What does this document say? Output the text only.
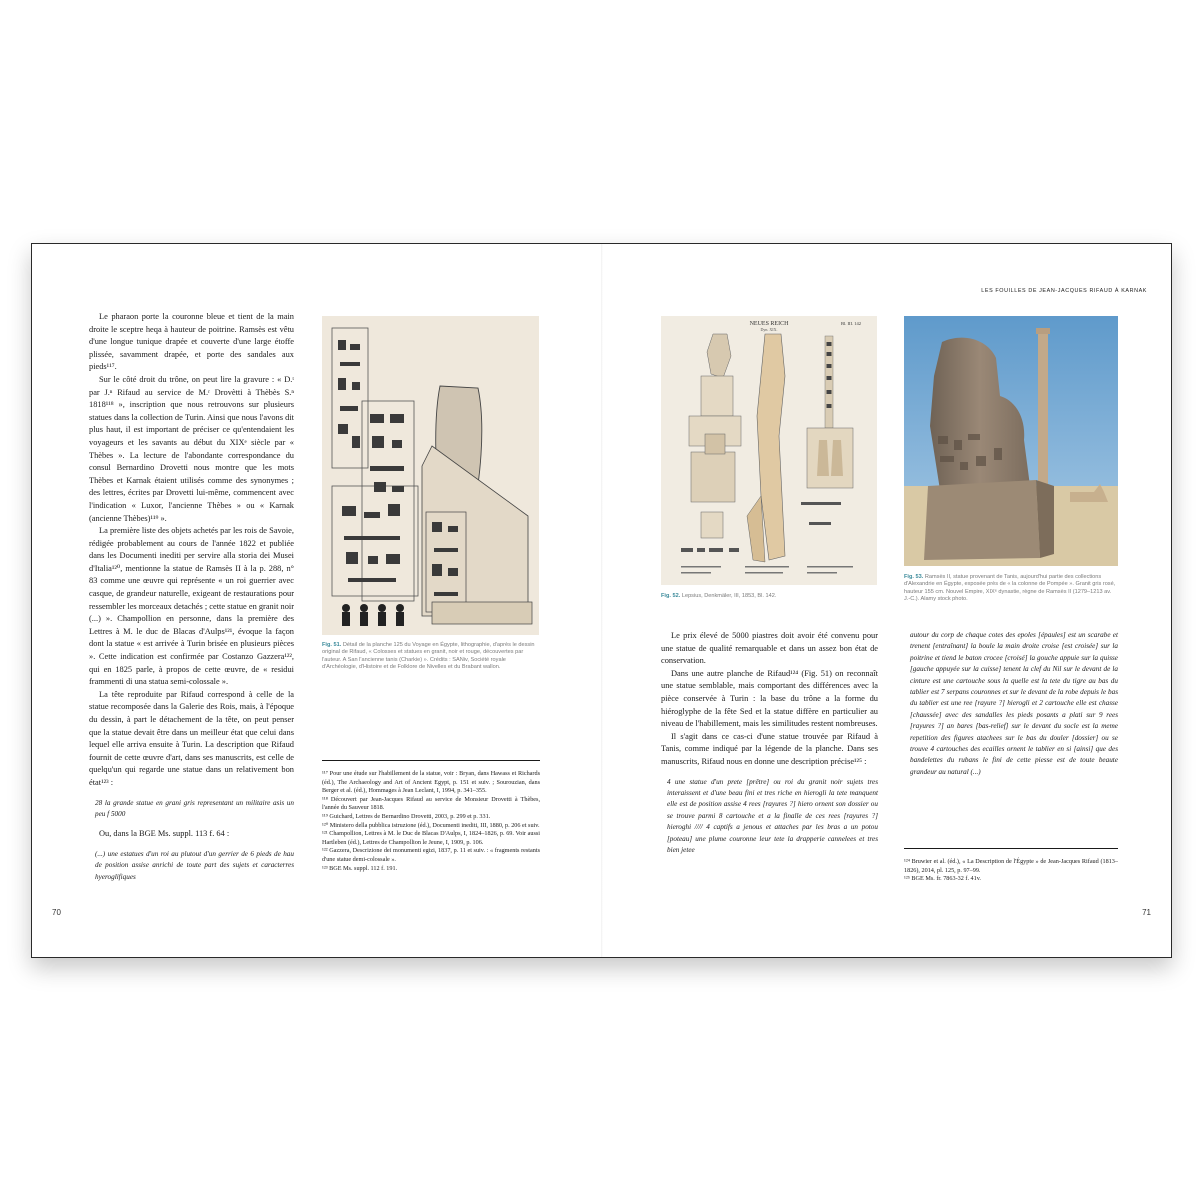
LES FOUILLES DE JEAN-JACQUES RIFAUD À KARNAK

Le pharaon porte la couronne bleue et tient de la main droite le sceptre heqa à hauteur de poitrine. Ramsès est vêtu d'une longue tunique drapée et couverte d'une large étoffe plissée, savamment drapée, et porte des sandales aux pieds¹¹⁷.

Sur le côté droit du trône, on peut lire la gravure : « D.ᵗ par J.ⁿ Rifaud au service de M.ʳ Drovètti à Thèbès S.ⁿ 1818¹¹⁸ », inscription que nous retrouvons sur plusieurs statues dans la collection de Turin. Ainsi que nous l'avons dit plus haut, il est important de préciser ce qu'entendaient les voyageurs et les savants au début du XIXᵉ siècle par « Thèbes ». La lecture de l'abondante correspondance du consul Bernardino Drovetti nous montre que les mots Thèbes et Karnak étaient utilisés comme des synonymes ; des lettres, écrites par Drovetti lui-même, commencent avec l'indication « Luxor, l'ancienne Thèbes » ou « Karnak (ancienne Thèbes)¹¹⁹ ».

La première liste des objets achetés par les rois de Savoie, rédigée probablement au cours de l'année 1822 et publiée dans les Documenti inediti per servire alla storia dei Musei d'Italia¹²⁰, mentionne la statue de Ramsès II à la p. 288, n° 83 comme une œuvre qui représente « un roi guerrier avec casque, de grandeur naturelle, exigeant de restaurations pour ressembler les morceaux detachés ; cette statue en granit noir (...) ». Champollion en personne, dans la première des Lettres à M. le duc de Blacas d'Aulps¹²¹, évoque la façon dont la statue « est arrivée à Turin brisée en plusieurs pièces ». Cette indication est confirmée par Costanzo Gazzera¹²², qui en 1825 parle, à propos de cette œuvre, de « residui frammenti di una statua semi-colossale ».

La tête reproduite par Rifaud correspond à celle de la statue recomposée dans la Galerie des Rois, mais, à l'époque du dessin, à part le détachement de la tête, on peut penser que la statue devait être dans un meilleur état que celui dans lequel elle arriva ensuite à Turin. La description que Rifaud fournit de cette œuvre d'art, dans ses manuscrits, est celle de quelqu'un qui regarde une statue dans un relativement bon état¹²³ :

28 la grande statue en grani gris representant un militaire asis un peu f 5000

Ou, dans la BGE Ms. suppl. 113 f. 64 :

(...) une estatues d'un roi au plutout d'un gerrier de 6 pieds de hau de position assise anrichi de toute part des sujets et caracterres hyeroglifiques

Fig. 51. Détail de la planche 125 du Voyage en Égypte, lithographie, d'après le dessin original de Rifaud, « Colosses et statues en granit, noir et rouge, découvertes par l'auteur. A San l'ancienne tanis (Charkie) ». Crédits : SANiv, Société royale d'Archéologie, d'Histoire et de Folklore de Nivelles et du Brabant wallon.

¹¹⁷ Pour une étude sur l'habillement de la statue, voir : Bryan, dans Hawass et Richards (éd.), The Archaeology and Art of Ancient Egypt, p. 151 et suiv. ; Sourouzian, dans Berger et al. (éd.), Hommages à Jean Leclant, I, 1994, p. 341–355.

¹¹⁸ Découvert par Jean-Jacques Rifaud au service de Monsieur Drovetti à Thèbes, l'année du Sauveur 1818.

¹¹⁹ Guichard, Lettres de Bernardino Drovetti, 2003, p. 299 et p. 331.

¹²⁰ Ministero della pubblica istruzione (éd.), Documenti inediti, III, 1880, p. 206 et suiv.

¹²¹ Champollion, Lettres à M. le Duc de Blacas D'Aulps, I, 1824–1826, p. 69. Voir aussi Hartleben (éd.), Lettres de Champollion le Jeune, I, 1909, p. 106.

¹²² Gazzera, Descrizione dei monumenti egizi, 1837, p. 11 et suiv. : « fragments restants d'une statue demi-colossale ».

¹²³ BGE Ms. suppl. 112 f. 191.

70
NEUES REICH
Dyn. XIX.
Bl. III. 142
Fig. 52. Lepsius, Denkmäler, III, 1853, Bl. 142.
Fig. 53. Ramsès II, statue provenant de Tanis, aujourd'hui partie des collections d'Alexandrie en Égypte, exposée près de « la colonne de Pompée ». Granit gris rosé, hauteur 155 cm. Nouvel Empire, XIXᵉ dynastie, règne de Ramsès II (1279–1213 av. J.-C.). Alamy stock photo.

Le prix élevé de 5000 piastres doit avoir été convenu pour une statue de qualité remarquable et dans un assez bon état de conservation.

Dans une autre planche de Rifaud¹²⁴ (Fig. 51) on reconnaît une statue semblable, mais comportant des différences avec la pièce conservée à Turin : la base du trône a la forme du hiéroglyphe de la fête Sed et la statue diffère en particulier au niveau de l'habillement, mais les similitudes restent nombreuses.

Il s'agit dans ce cas-ci d'une statue trouvée par Rifaud à Tanis, comme indiqué par la légende de la planche. Dans ses manuscrits, Rifaud nous en donne une description précise¹²⁵ :

4 une statue d'un prete [prêtre] ou roi du granit noir sujets tres interaissent et d'une beau fini et tres riche en hierogli la tete manquent elle est de position assise 4 rees [rayures ?] hiero ornent son dossier ou se trouve parmi 8 cartouche et a la finalle de ces rees [rayures ?] hieroghi //// 4 captifs a jenous et attaches par les bras a un potou [poteau] une plume couronne leur tete la drapperie cannelees et tres bien jetee

autour du corp de chaque cotes des epoles [épaules] est un scarabe et trenent [entraînant] la boule la main droite croise [est croisée] sur la poitrine et tiend le baton crocee [croisé] la gouche appuie sur la quisse [gauche appuyée sur la cuisse] tenent la clef du Nil sur le devant de la cinture est une cartouche sous la quelle est la tete du tigre au bas du tablier est 7 serpans couronnes et sur le devant de la robe depuis le bas du tablier est une ree [rayure ?] hierogli et 2 cartouche elle est chasse [chaussée] avec des sandalles les pieds posants a plati sur 9 rees [rayures ?] an bares [bas-relief] sur le devant du socle est la meme repetition des figures atachees sur le bas du douler [dossier] ou se trouve 4 cartouches des ecailles ornent le tablier en si [ainsi] que des bandelettes du rubans le fini de cette piesse est de toute beaute grandeur au natural (...)

¹²⁴ Bruwier et al. (éd.), « La Description de l'Égypte » de Jean-Jacques Rifaud (1813–1826), 2014, pl. 125, p. 97–99.

¹²⁵ BGE Ms. fr. 7863-32 f. 41v.

71
